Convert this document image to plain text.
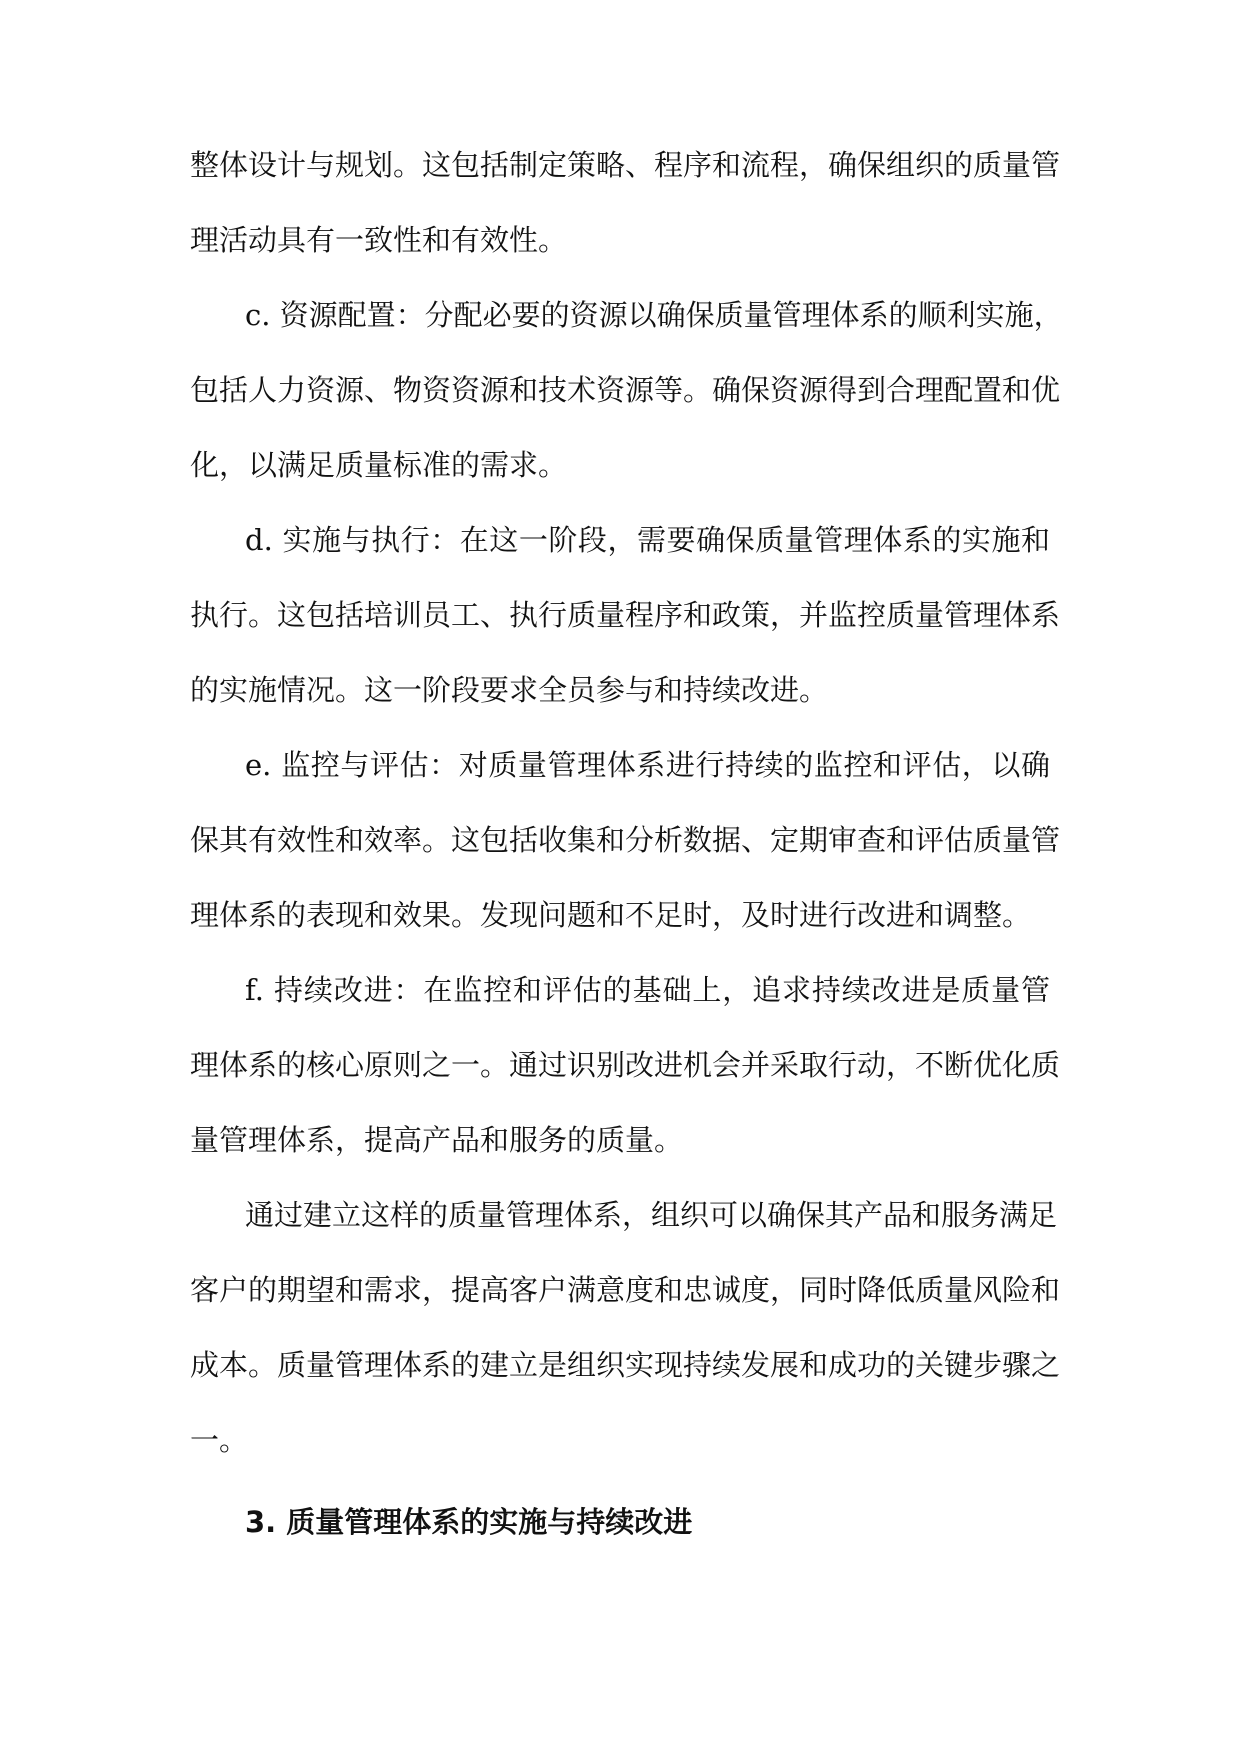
整体设计与规划。这包括制定策略、程序和流程，确保组织的质量管
理活动具有一致性和有效性。
c. 资源配置：分配必要的资源以确保质量管理体系的顺利实施，
包括人力资源、物资资源和技术资源等。确保资源得到合理配置和优
化，以满足质量标准的需求。
d. 实施与执行：在这一阶段，需要确保质量管理体系的实施和
执行。这包括培训员工、执行质量程序和政策，并监控质量管理体系
的实施情况。这一阶段要求全员参与和持续改进。
e. 监控与评估：对质量管理体系进行持续的监控和评估，以确
保其有效性和效率。这包括收集和分析数据、定期审查和评估质量管
理体系的表现和效果。发现问题和不足时，及时进行改进和调整。
f. 持续改进：在监控和评估的基础上，追求持续改进是质量管
理体系的核心原则之一。通过识别改进机会并采取行动，不断优化质
量管理体系，提高产品和服务的质量。
通过建立这样的质量管理体系，组织可以确保其产品和服务满足
客户的期望和需求，提高客户满意度和忠诚度，同时降低质量风险和
成本。质量管理体系的建立是组织实现持续发展和成功的关键步骤之
一。
3. 质量管理体系的实施与持续改进
